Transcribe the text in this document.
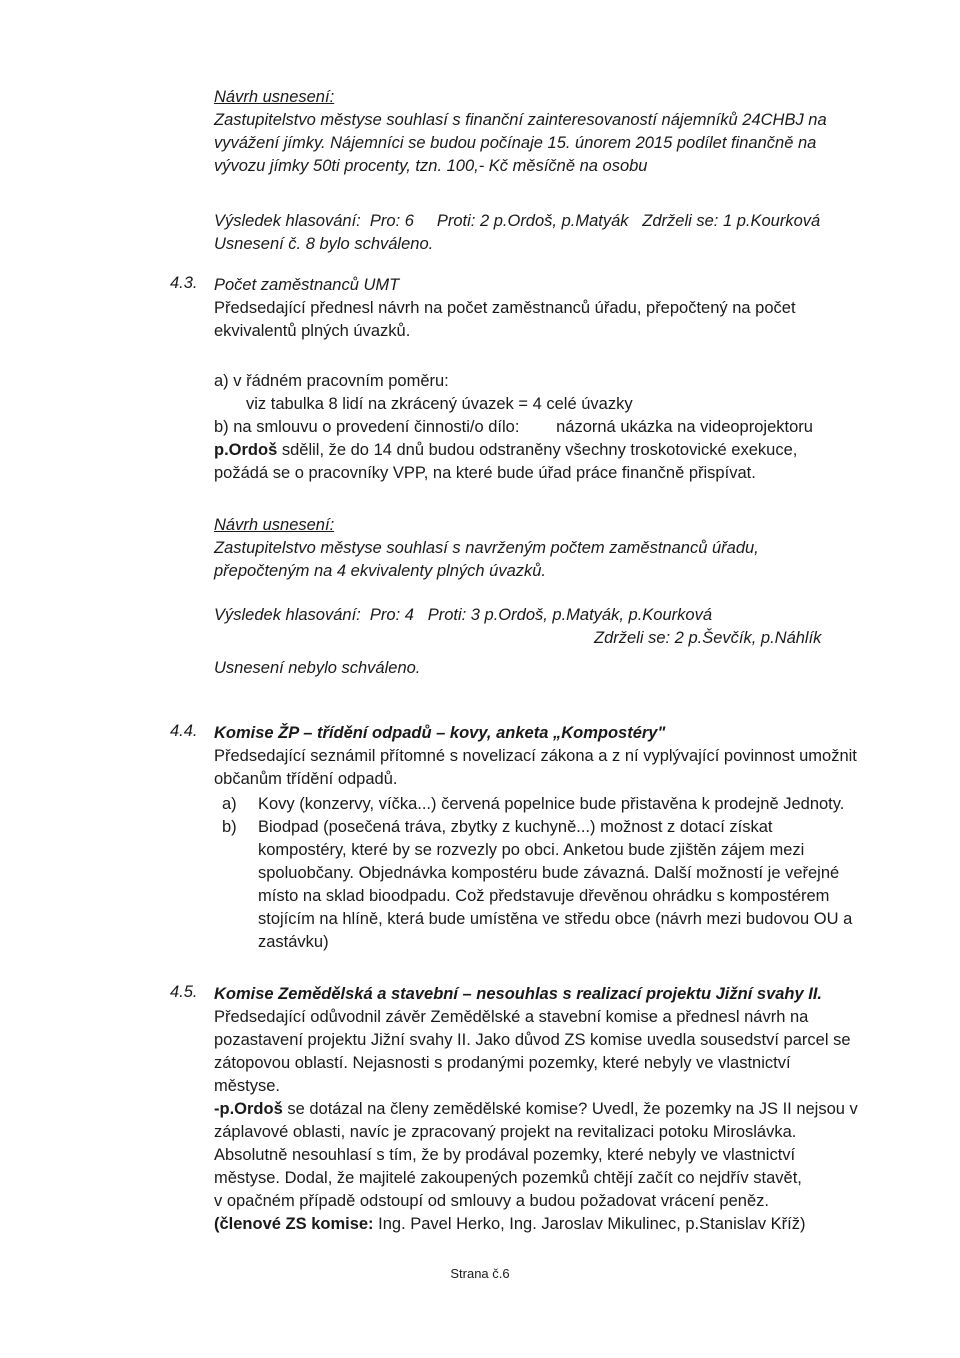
Návrh usnesení:
Zastupitelstvo městyse souhlasí s finanční zainteresovaností nájemníků 24CHBJ na
vyvážení jímky. Nájemníci se budou počínaje 15. únorem 2015 podílet finančně na
vývozu jímky 50ti procenty, tzn. 100,- Kč měsíčně na osobu
Výsledek hlasování:  Pro: 6     Proti: 2 p.Ordoš, p.Matyák   Zdrželi se: 1 p.Kourková
Usnesení č. 8 bylo schváleno.
4.3. Počet zaměstnanců UMT
Předsedající přednesl návrh na počet zaměstnanců úřadu, přepočtený na počet
ekvivalentů plných úvazků.
a) v řádném pracovním poměru:
viz tabulka 8 lidí na zkrácený úvazek = 4 celé úvazky
b) na smlouvu o provedení činnosti/o dílo:        názorná ukázka na videoprojektoru
p.Ordoš sdělil, že do 14 dnů budou odstraněny všechny troskotovické exekuce,
požádá se o pracovníky VPP, na které bude úřad práce finančně přispívat.
Návrh usnesení:
Zastupitelstvo městyse souhlasí s navrženým počtem zaměstnanců úřadu,
přepočteným na 4 ekvivalenty plných úvazků.
Výsledek hlasování:  Pro: 4   Proti: 3 p.Ordoš, p.Matyák, p.Kourková
Zdrželi se: 2 p.Ševčík, p.Náhlík
Usnesení nebylo schváleno.
4.4. Komise ŽP – třídění odpadů – kovy, anketa „Kompostéry"
Předsedající seznámil přítomné s novelizací zákona a z ní vyplývající povinnost umožnit
občanům třídění odpadů.
a) Kovy (konzervy, víčka...) červená popelnice bude přistavěna k prodejně Jednoty.
b) Biodpad (posečená tráva, zbytky z kuchyně...) možnost z dotací získat
kompostéry, které by se rozvezly po obci. Anketou bude zjištěn zájem mezi
spoluobčany. Objednávka kompostéru bude závazná. Další možností je veřejné
místo na sklad bioodpadu. Což představuje dřevěnou ohrádku s kompostérem
stojícím na hlíně, která bude umístěna ve středu obce (návrh mezi budovou OU a
zastávku)
4.5. Komise Zemědělská a stavební – nesouhlas s realizací projektu Jižní svahy II.
Předsedající odůvodnil závěr Zemědělské a stavební komise a přednesl návrh na
pozastavení projektu Jižní svahy II. Jako důvod ZS komise uvedla sousedství parcel se
zátopovou oblastí. Nejasnosti s prodanými pozemky, které nebyly ve vlastnictví
městyse.
-p.Ordoš se dotázal na členy zemědělské komise? Uvedl, že pozemky na JS II nejsou v
záplavové oblasti, navíc je zpracovaný projekt na revitalizaci potoku Miroslávka.
Absolutně nesouhlasí s tím, že by prodával pozemky, které nebyly ve vlastnictví
městyse. Dodal, že majitelé zakoupených pozemků chtějí začít co nejdřív stavět,
v opačném případě odstoupí od smlouvy a budou požadovat vrácení peněz.
(členové ZS komise: Ing. Pavel Herko, Ing. Jaroslav Mikulinec, p.Stanislav Kříž)
Strana č.6
